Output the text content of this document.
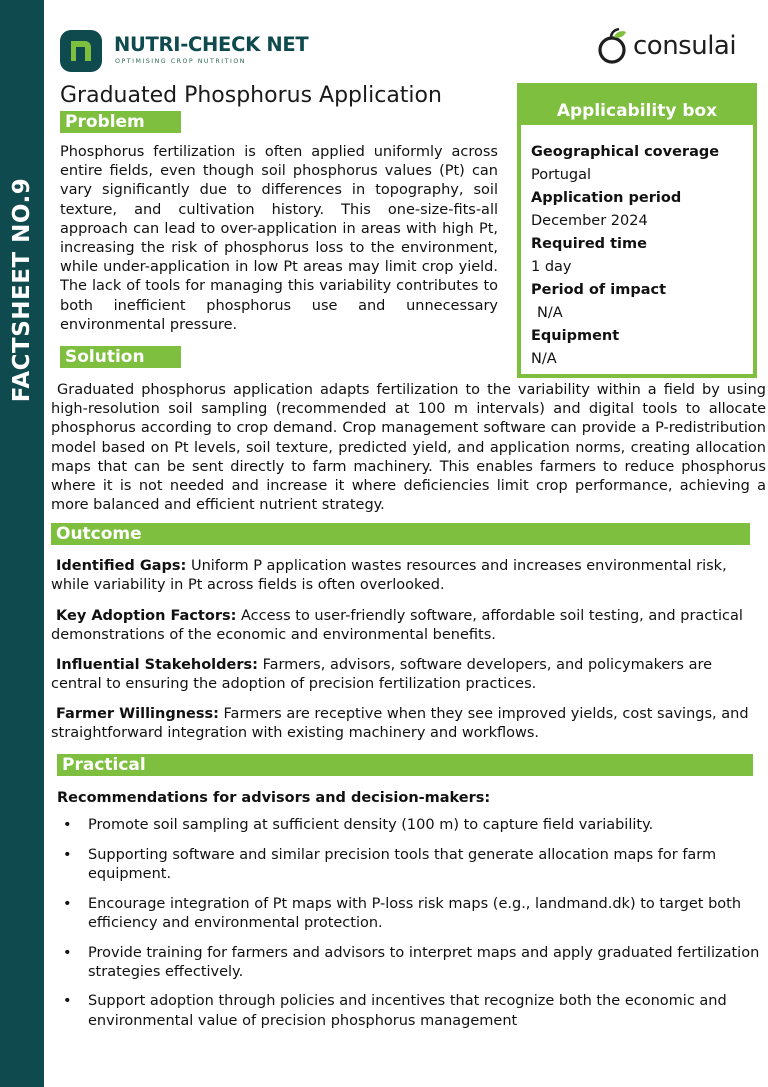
FACTSHEET NO.9
NUTRI-CHECK NET
OPTIMISING CROP NUTRITION
consulai
Graduated Phosphorus Application
Problem

Phosphorus fertilization is often applied uniformly across entire fields, even though soil phosphorus values (Pt) can vary significantly due to differences in topography, soil texture, and cultivation history. This one-size-fits-all approach can lead to over-application in areas with high Pt, increasing the risk of phosphorus loss to the environment, while under-application in low Pt areas may limit crop yield. The lack of tools for managing this variability contributes to both inefficient phosphorus use and unnecessary environmental pressure.

Applicability box
Geographical coverage
Portugal
Application period
December 2024
Required time
1 day
Period of impact
N/A
Equipment
N/A
Solution

Graduated phosphorus application adapts fertilization to the variability within a field by using high-resolution soil sampling (recommended at 100 m intervals) and digital tools to allocate phosphorus according to crop demand. Crop management software can provide a P-redistribution model based on Pt levels, soil texture, predicted yield, and application norms, creating allocation maps that can be sent directly to farm machinery. This enables farmers to reduce phosphorus where it is not needed and increase it where deficiencies limit crop performance, achieving a more balanced and efficient nutrient strategy.

Outcome

Identified Gaps: Uniform P application wastes resources and increases environmental risk, while variability in Pt across fields is often overlooked.

Key Adoption Factors: Access to user-friendly software, affordable soil testing, and practical demonstrations of the economic and environmental benefits.

Influential Stakeholders: Farmers, advisors, software developers, and policymakers are central to ensuring the adoption of precision fertilization practices.

Farmer Willingness: Farmers are receptive when they see improved yields, cost savings, and straightforward integration with existing machinery and workflows.

Practical
Recommendations for advisors and decision-makers:
• Promote soil sampling at sufficient density (100 m) to capture field variability.
• Supporting software and similar precision tools that generate allocation maps for farm equipment.
• Encourage integration of Pt maps with P-loss risk maps (e.g., landmand.dk) to target both efficiency and environmental protection.
• Provide training for farmers and advisors to interpret maps and apply graduated fertilization strategies effectively.
• Support adoption through policies and incentives that recognize both the economic and environmental value of precision phosphorus management
